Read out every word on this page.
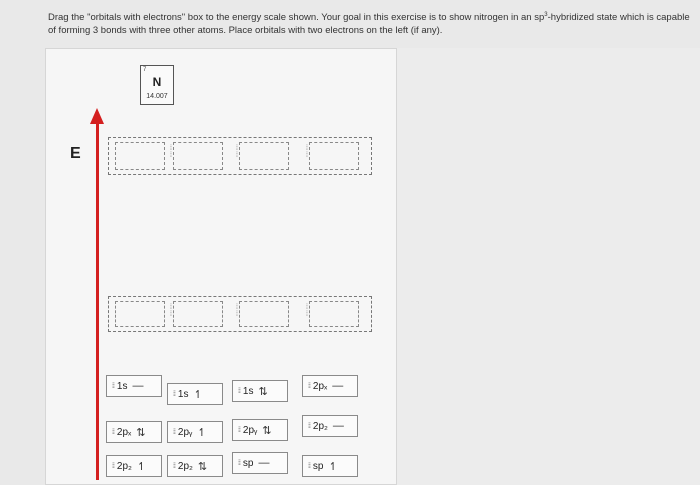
Drag the "orbitals with electrons" box to the energy scale shown. Your goal in this exercise is to show nitrogen in an $sp^3$-hybridized state which is capable
of forming 3 bonds with three other atoms. Place orbitals with two electrons on the left (if any).
7
N
14.007
E	⁞
⁞
⁞
⁞
⁞
⁞
⁞
⁞
⁞
⁞
⁞
⁞
⁞⁞ 1s —
⁞⁞ 1s ↿	⁞⁞ 1s ⇅	⁞⁞ 2pₓ —
⁞⁞ 2pₓ ⇅	⁞⁞ 2pᵧ ↿	⁞⁞ 2pᵧ ⇅	⁞⁞ 2p₂ —
⁞⁞ 2p₂ ↿	⁞⁞ 2p₂ ⇅	⁞⁞ sp —	⁞⁞ sp ↿
